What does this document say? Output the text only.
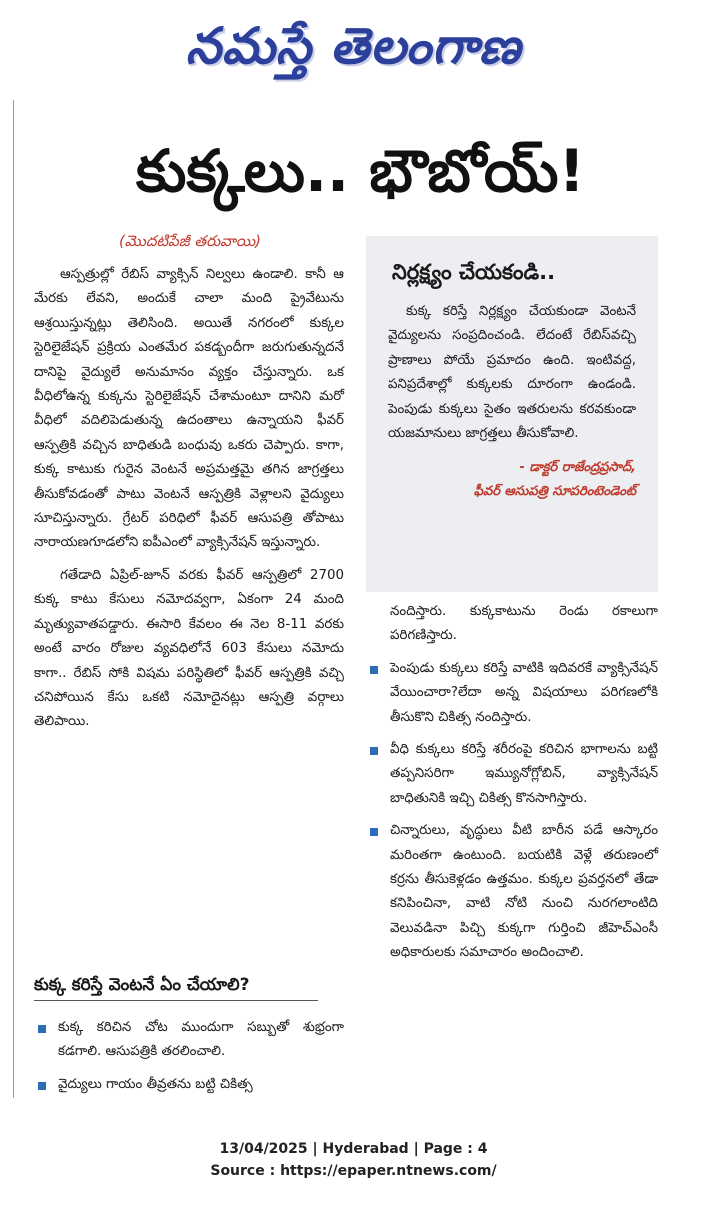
నమస్తే తెలంగాణ
కుక్కలు.. భౌబోయ్!
(మొదటిపేజీ తరువాయి)

ఆస్పత్రుల్లో రేబిస్ వ్యాక్సిన్ నిల్వలు ఉండాలి. కానీ ఆ మేరకు లేవని, అందుకే చాలా మంది ప్రైవేటును ఆశ్రయిస్తున్నట్లు తెలిసింది. అయితే నగరంలో కుక్కల స్టెరిలైజేషన్ ప్రక్రియ ఎంతమేర పకడ్బందీగా జరుగుతున్నదనే దానిపై వైద్యులే అనుమానం వ్యక్తం చేస్తున్నారు. ఒక వీధిలోఉన్న కుక్కను స్టెరిలైజేషన్ చేశామంటూ దానిని మరో వీధిలో వదిలిపెడుతున్న ఉదంతాలు ఉన్నాయని ఫీవర్ ఆస్పత్రికి వచ్చిన బాధితుడి బంధువు ఒకరు చెప్పారు. కాగా, కుక్క కాటుకు గురైన వెంటనే అప్రమత్తమై తగిన జాగ్రత్తలు తీసుకోవడంతో పాటు వెంటనే ఆస్పత్రికి వెళ్లాలని వైద్యులు సూచిస్తున్నారు. గ్రేటర్ పరిధిలో ఫీవర్ ఆసుపత్రి తోపాటు నారాయణగూడలోని ఐపీఎంలో వ్యాక్సినేషన్ ఇస్తున్నారు.

గతేడాది ఏప్రిల్-జూన్ వరకు ఫీవర్ ఆస్పత్రిలో 2700 కుక్క కాటు కేసులు నమోదవ్వగా, ఏకంగా 24 మంది మృత్యువాతపడ్డారు. ఈసారి కేవలం ఈ నెల 8-11 వరకు అంటే వారం రోజుల వ్యవధిలోనే 603 కేసులు నమోదు కాగా.. రేబిస్ సోకి విషమ పరిస్థితిలో ఫీవర్ ఆస్పత్రికి వచ్చి చనిపోయిన కేసు ఒకటి నమోదైనట్లు ఆస్పత్రి వర్గాలు తెలిపాయి.

కుక్క కరిస్తే వెంటనే ఏం చేయాలి?
కుక్క కరిచిన చోట ముందుగా సబ్బుతో శుభ్రంగా కడగాలి. ఆసుపత్రికి తరలించాలి.
వైద్యులు గాయం తీవ్రతను బట్టి చికిత్స
నిర్లక్ష్యం చేయకండి..

కుక్క కరిస్తే నిర్లక్ష్యం చేయకుండా వెంటనే వైద్యులను సంప్రదించండి. లేదంటే రేబిస్‌వచ్చి ప్రాణాలు పోయే ప్రమాదం ఉంది. ఇంటివద్ద, పనిప్రదేశాల్లో కుక్కలకు దూరంగా ఉండండి. పెంపుడు కుక్కలు సైతం ఇతరులను కరవకుండా యజమానులు జాగ్రత్తలు తీసుకోవాలి.

- డాక్టర్ రాజేంద్రప్రసాద్,
ఫీవర్ ఆసుపత్రి సూపరింటెండెంట్

నందిస్తారు. కుక్కకాటును రెండు రకాలుగా పరిగణిస్తారు.

పెంపుడు కుక్కలు కరిస్తే వాటికి ఇదివరకే వ్యాక్సినేషన్ వేయించారా?లేదా అన్న విషయాలు పరిగణలోకి తీసుకొని చికిత్స నందిస్తారు.
వీధి కుక్కలు కరిస్తే శరీరంపై కరిచిన భాగాలను బట్టి తప్పనిసరిగా ఇమ్యునోగ్లోబిన్, వ్యాక్సినేషన్ బాధితునికి ఇచ్చి చికిత్స కొనసాగిస్తారు.
చిన్నారులు, వృద్ధులు వీటి బారీన పడే ఆస్కారం మరింతగా ఉంటుంది. బయటికి వెళ్లే తరుణంలో కర్రను తీసుకెళ్లడం ఉత్తమం. కుక్కల ప్రవర్తనలో తేడా కనిపించినా, వాటి నోటి నుంచి నురగలాంటిది వెలువడినా పిచ్చి కుక్కగా గుర్తించి జీహెచ్‌ఎంసీ అధికారులకు సమాచారం అందించాలి.
13/04/2025 | Hyderabad | Page : 4
Source : https://epaper.ntnews.com/
